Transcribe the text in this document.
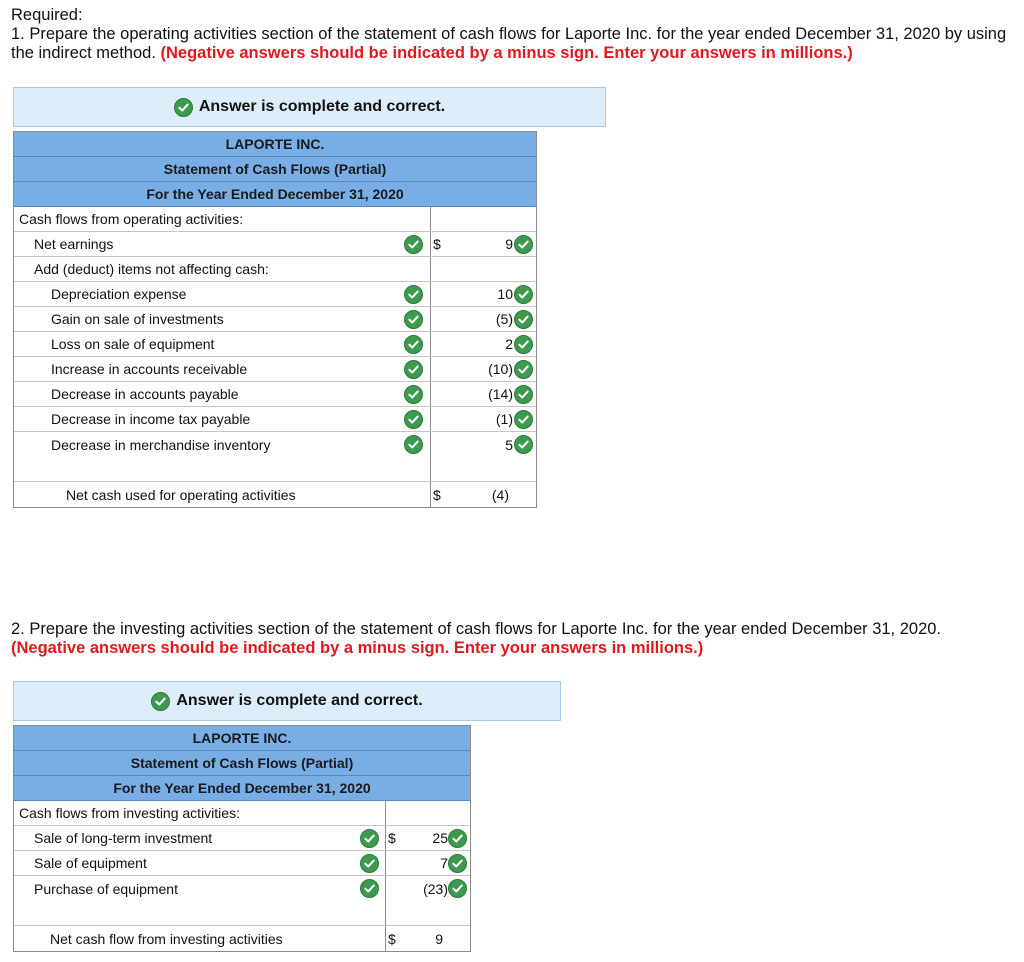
Required:
1. Prepare the operating activities section of the statement of cash flows for Laporte Inc. for the year ended December 31, 2020 by using the indirect method. (Negative answers should be indicated by a minus sign. Enter your answers in millions.)
Answer is complete and correct.
LAPORTE INC.
Statement of Cash Flows (Partial)
For the Year Ended December 31, 2020
Cash flows from operating activities:
Net earnings	$	9
Add (deduct) items not affecting cash:
Depreciation expense	10
Gain on sale of investments	(5)
Loss on sale of equipment	2
Increase in accounts receivable	(10)
Decrease in accounts payable	(14)
Decrease in income tax payable	(1)
Decrease in merchandise inventory	5
Net cash used for operating activities	$	(4)
2. Prepare the investing activities section of the statement of cash flows for Laporte Inc. for the year ended December 31, 2020.
(Negative answers should be indicated by a minus sign. Enter your answers in millions.)
Answer is complete and correct.
LAPORTE INC.
Statement of Cash Flows (Partial)
For the Year Ended December 31, 2020
Cash flows from investing activities:
Sale of long-term investment	$	25
Sale of equipment	7
Purchase of equipment	(23)
Net cash flow from investing activities	$	9
